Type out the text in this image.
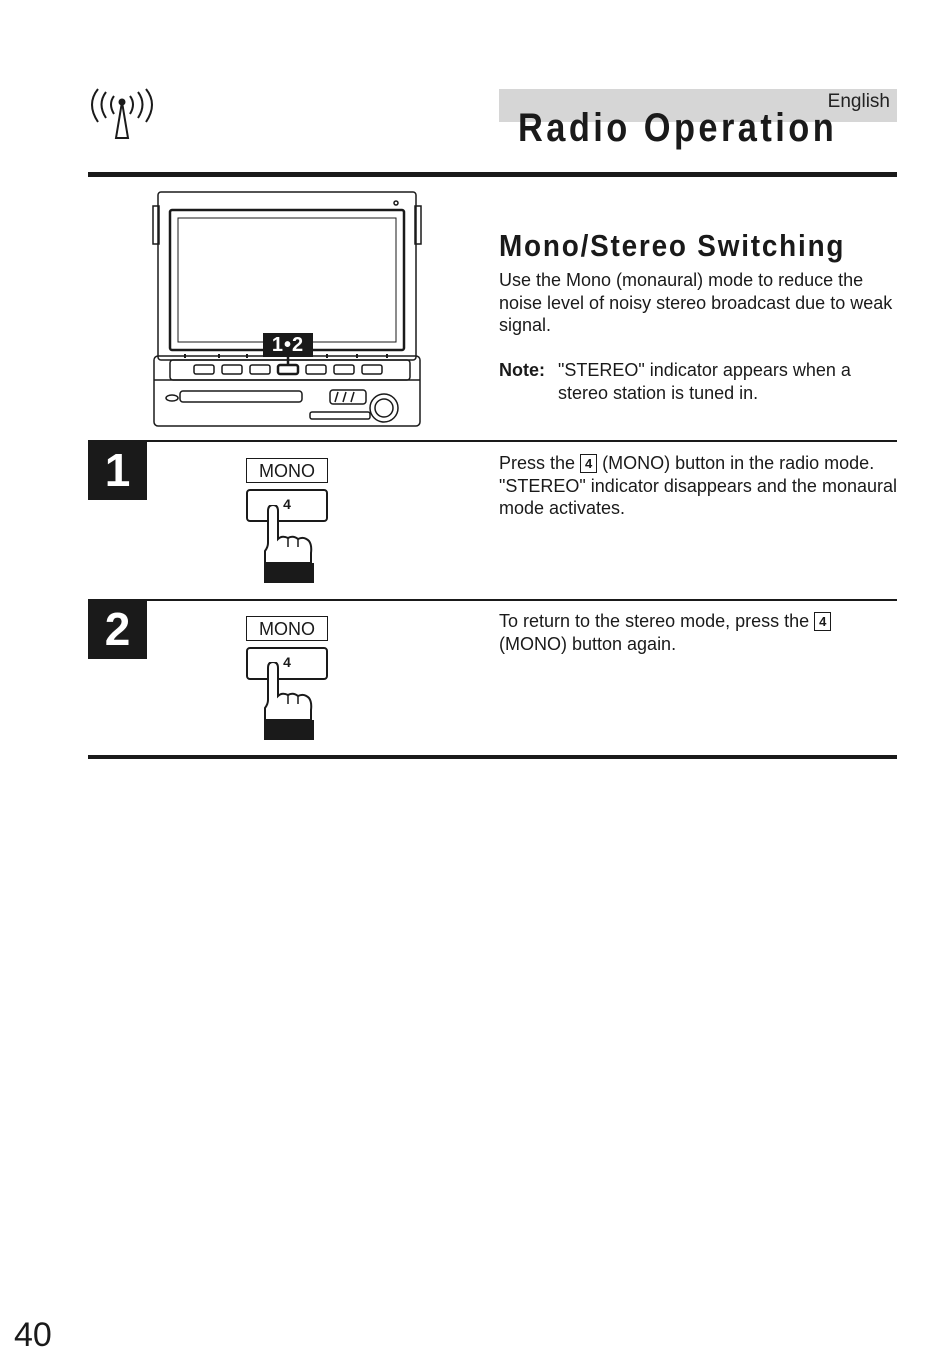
English
Radio Operation
1•2
Mono/Stereo Switching
Use the Mono (monaural) mode to reduce the noise level of noisy stereo broadcast due to weak signal.
Note: "STEREO" indicator appears when a stereo station is tuned in.
1	MONO
4
Press the 4 (MONO) button in the radio mode. "STEREO" indicator disappears and the monaural mode activates.
2	MONO
4
To return to the stereo mode, press the 4 (MONO) button again.
40
